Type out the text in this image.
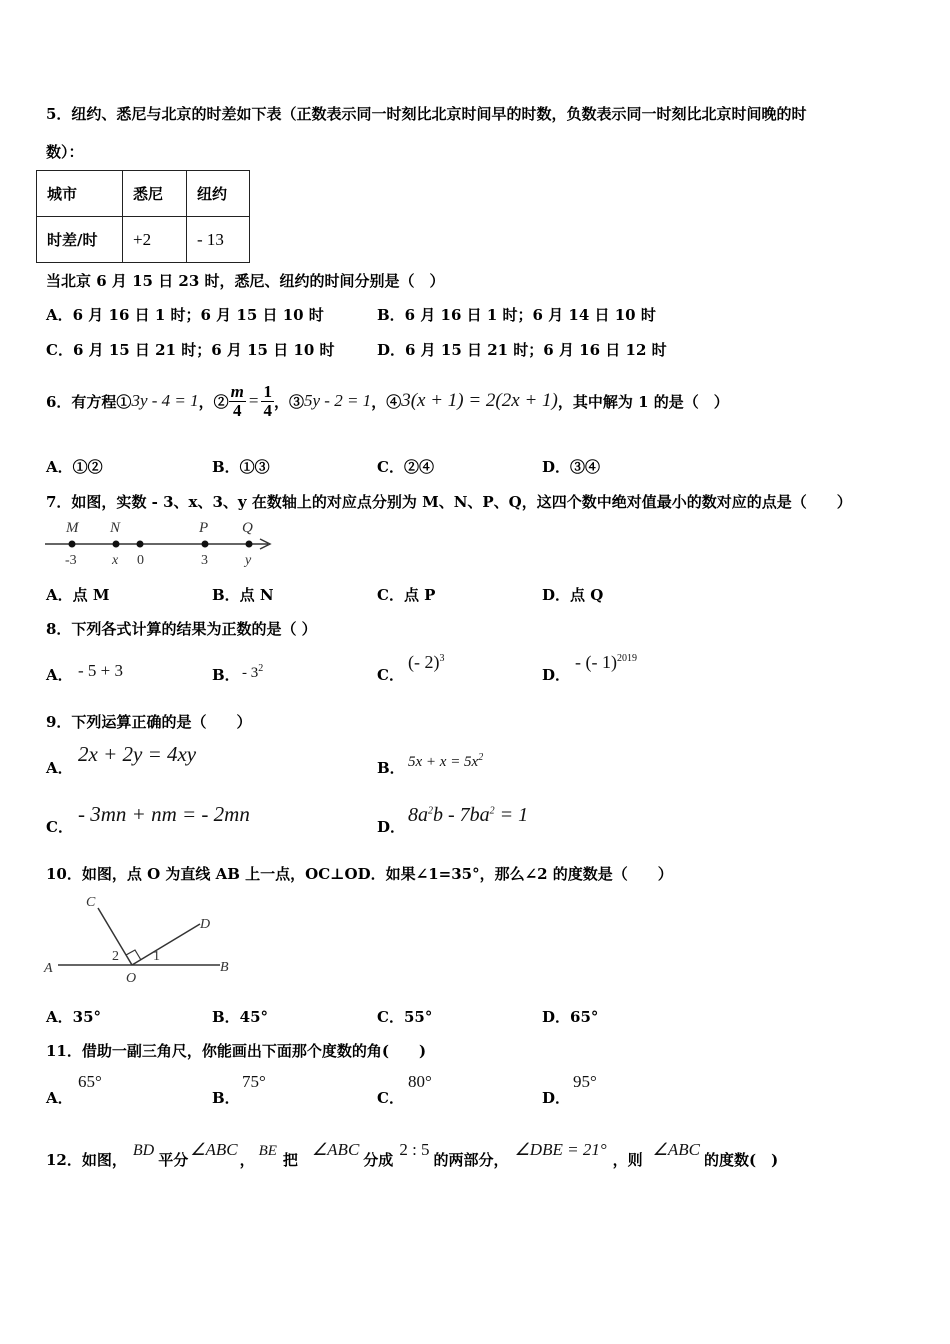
5．纽约、悉尼与北京的时差如下表（正数表示同一时刻比北京时间早的时数，负数表示同一时刻比北京时间晚的时
数）：
城市	悉尼	纽约
时差/时	+2	- 13
当北京 6 月 15 日 23 时，悉尼、纽约的时间分别是（　）
A．6 月 16 日 1 时；6 月 15 日 10 时	B．6 月 16 日 1 时；6 月 14 日 10 时
C．6 月 15 日 21 时；6 月 15 日 10 时	D．6 月 15 日 21 时；6 月 16 日 12 时
6．有方程① 3y - 4 = 1 ，② $\frac{m}{4} = \frac{1}{4}$ ，③ 5y - 2 = 1 ，④ 3(x + 1) = 2(2x + 1) ，其中解为 1 的是（　）
A．①②	B．①③	C．②④	D．③④
7．如图，实数 - 3、x、3、y 在数轴上的对应点分别为 M、N、P、Q，这四个数中绝对值最小的数对应的点是（　　）
M N	P Q
-3	x 0	3	y
A．点 M	B．点 N	C．点 P	D．点 Q
8．下列各式计算的结果为正数的是（ ）
A． - 5 + 3	B． - $3^2$	C．
(- 2)$^3$
D．
- (- 1)$^{2019}$
9．下列运算正确的是（　　）
A．
2x + 2y = 4xy
B． $5x + x = 5x^2$
C．
- 3mn + nm = - 2mn
D．
$8a^2b - 7ba^2 = 1$
10．如图，点 O 为直线 AB 上一点，OC⊥OD．如果∠1=35°，那么∠2 的度数是（　　）
A	B
C
D
O
2 1
A．35°	B．45°	C．55°	D．65°
11．借助一副三角尺，你能画出下面那个度数的角(　　)
A．
65°
B．
75°
C．
80°
D．
95°
12．如图，
BD
平分
∠ABC
， BE 把
∠ABC
分成
2 : 5
的两部分，
∠DBE = 21°
，则
∠ABC
的度数(　)
